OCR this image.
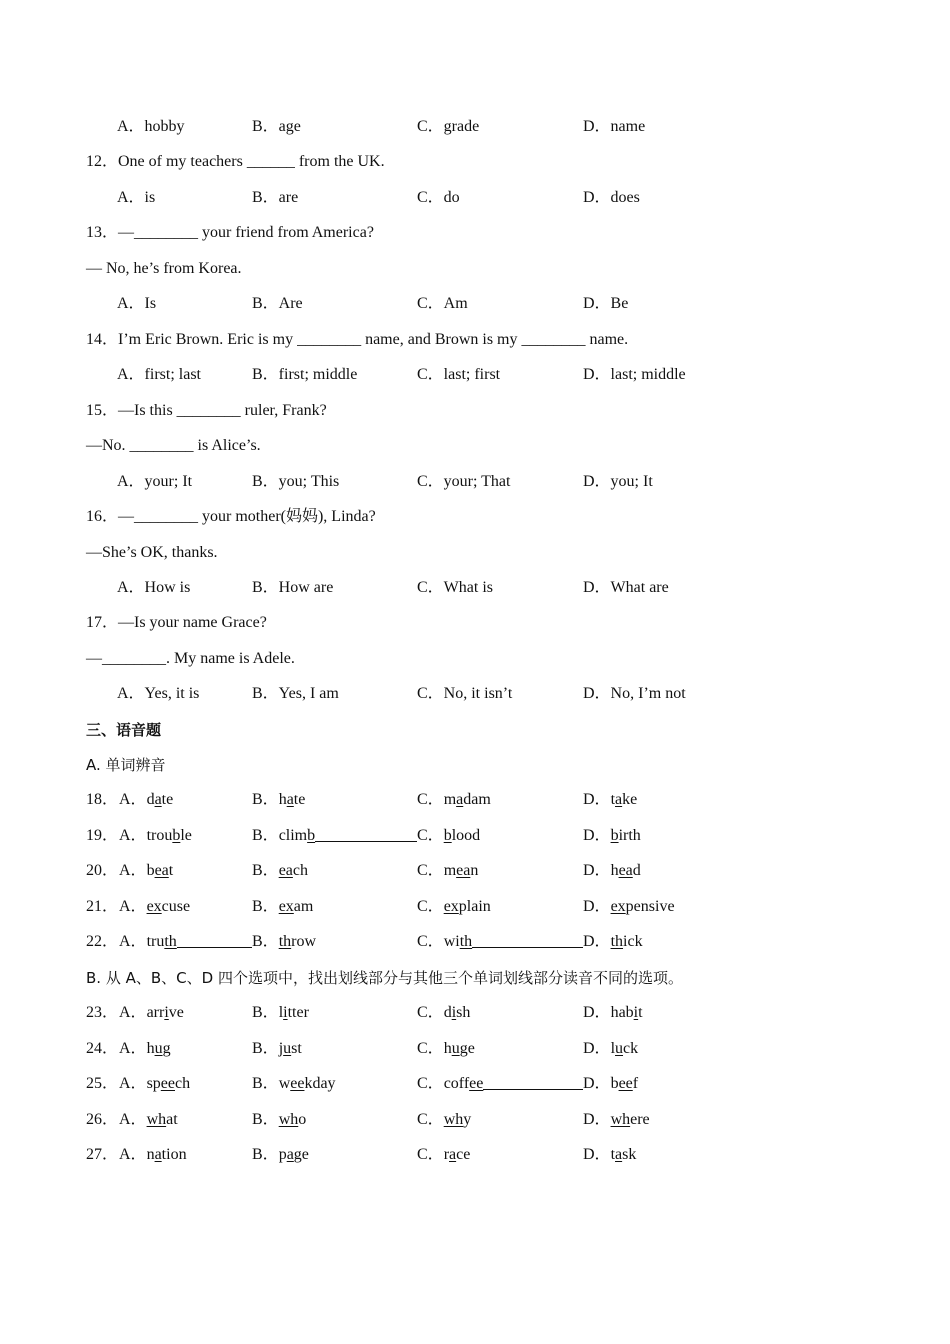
A．hobby	B．age	C．grade	D．name
12．One of my teachers ______ from the UK.
A．is	B．are	C．do	D．does
13．—________ your friend from America?
— No, he’s from Korea.
A．Is	B．Are	C．Am	D．Be
14．I’m Eric Brown. Eric is my ________ name, and Brown is my ________ name.
A．first; last	B．first; middle	C．last; first	D．last; middle
15．—Is this ________ ruler, Frank?
—No. ________ is Alice’s.
A．your; It	B．you; This	C．your; That	D．you; It
16．—________ your mother(妈妈), Linda?
—She’s OK, thanks.
A．How is	B．How are	C．What is	D．What are
17．—Is your name Grace?
—________. My name is Adele.
A．Yes, it is	B．Yes, I am	C．No, it isn’t	D．No, I’m not
三、语音题
A. 单词辨音
B. 从 A、B、C、D 四个选项中，找出划线部分与其他三个单词划线部分读音不同的选项。
18． A．date	B．hate	C．madam	D．take
19． A．trouble	B．climb	C．blood	D．birth
20． A．beat	B．each	C．mean	D．head
21． A．excuse	B．exam	C．explain	D．expensive
22． A．truth	B．throw	C．with	D．thick
23． A．arrive	B．litter	C．dish	D．habit
24． A．hug	B．just	C．huge	D．luck
25． A．speech	B．weekday	C．coffee	D．beef
26． A．what	B．who	C．why	D．where
27． A．nation	B．page	C．race	D．task
